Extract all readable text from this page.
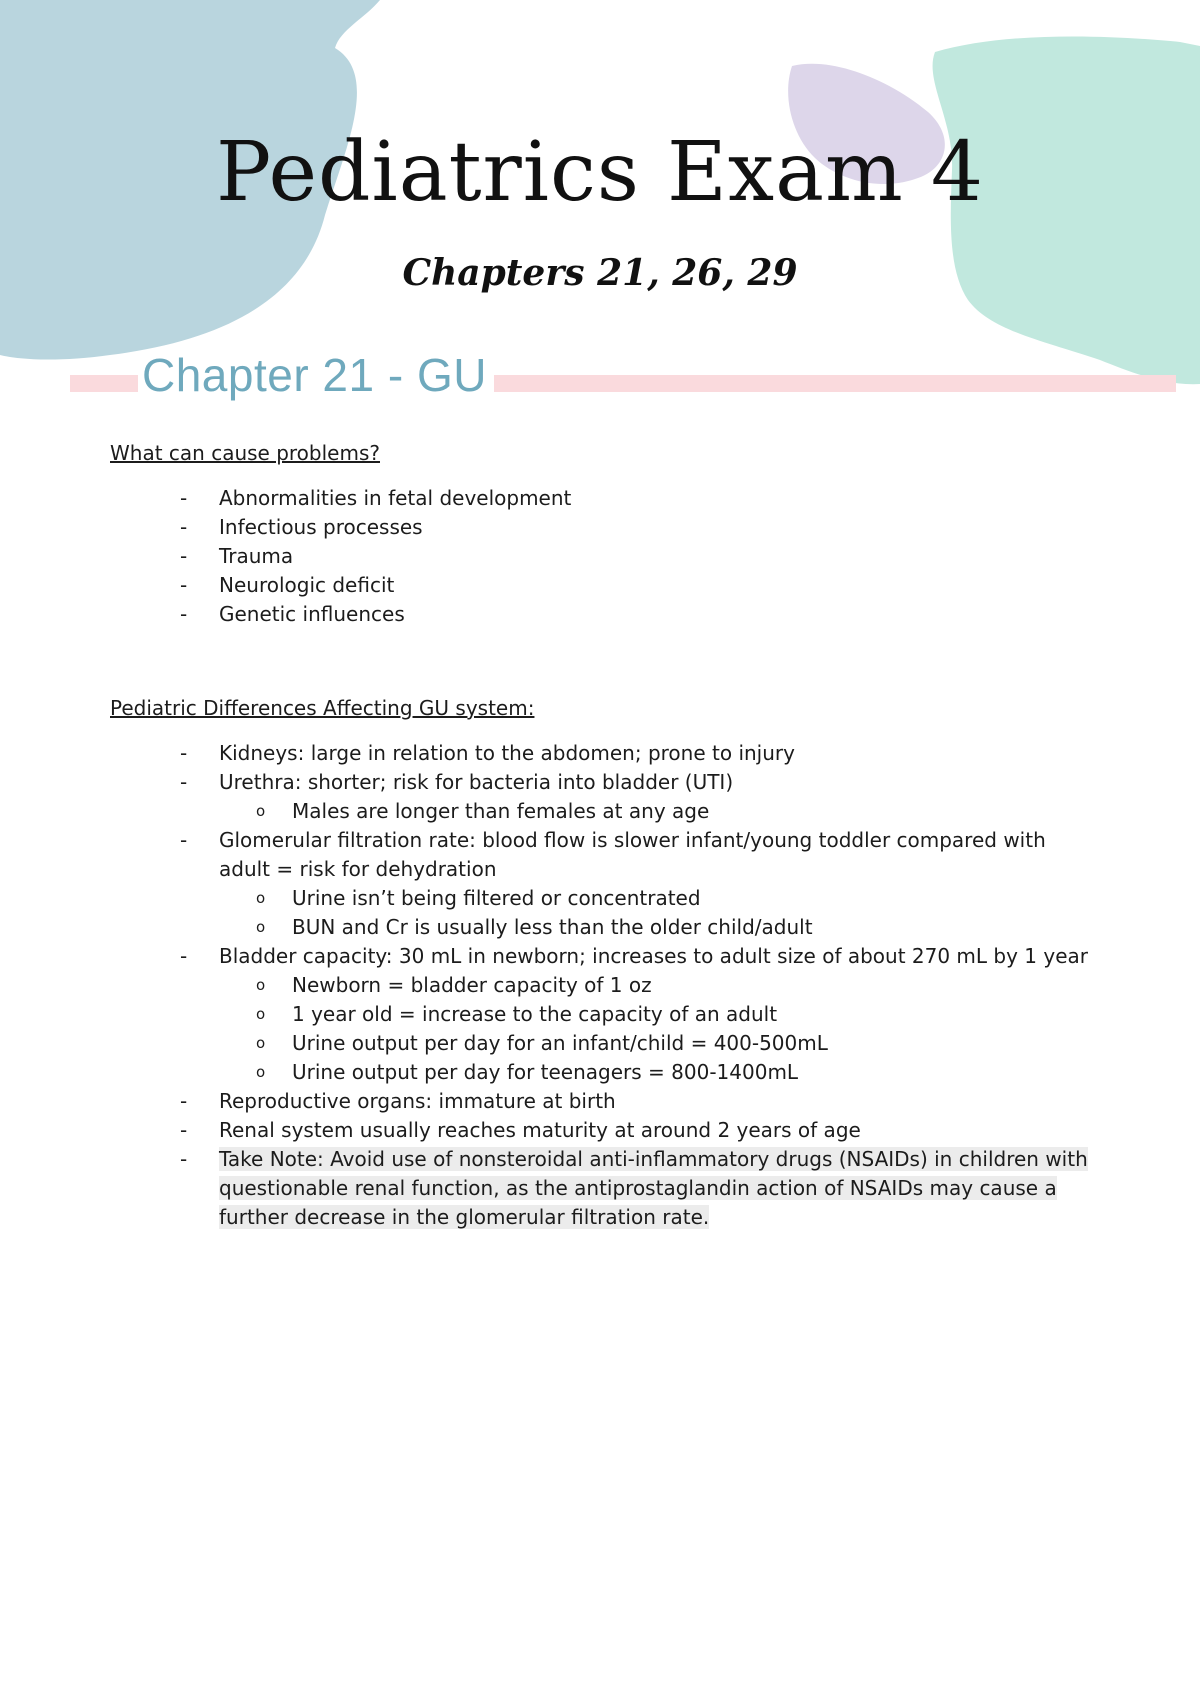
Pediatrics Exam 4
Chapters 21, 26, 29
Chapter 21 - GU

What can cause problems?

- Abnormalities in fetal development
- Infectious processes
- Trauma
- Neurologic deficit
- Genetic influences

Pediatric Differences Affecting GU system:

- Kidneys: large in relation to the abdomen; prone to injury
- Urethra: shorter; risk for bacteria into bladder (UTI)
o Males are longer than females at any age
- Glomerular filtration rate: blood flow is slower infant/young toddler compared with adult = risk for dehydration
o Urine isn’t being filtered or concentrated
o BUN and Cr is usually less than the older child/adult
- Bladder capacity: 30 mL in newborn; increases to adult size of about 270 mL by 1 year
o Newborn = bladder capacity of 1 oz
o 1 year old = increase to the capacity of an adult
o Urine output per day for an infant/child = 400-500mL
o Urine output per day for teenagers = 800-1400mL
- Reproductive organs: immature at birth
- Renal system usually reaches maturity at around 2 years of age
- Take Note: Avoid use of nonsteroidal anti-inflammatory drugs (NSAIDs) in children with questionable renal function, as the antiprostaglandin action of NSAIDs may cause a further decrease in the glomerular filtration rate.
